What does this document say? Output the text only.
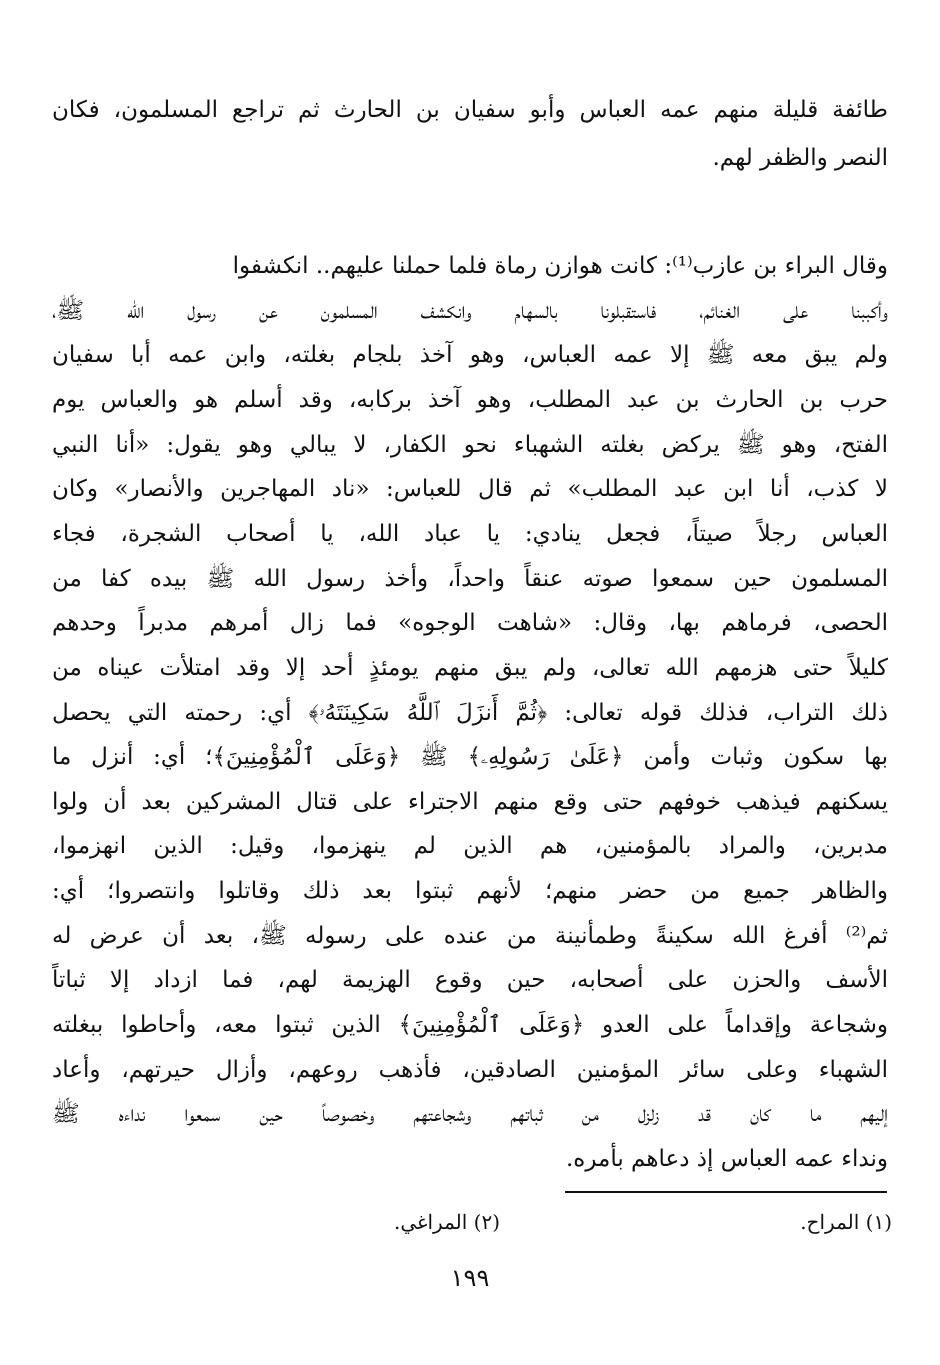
طائفة قليلة منهم عمه العباس وأبو سفيان بن الحارث ثم تراجع المسلمون، فكان
النصر والظفر لهم.
وقال البراء بن عازب⁽¹⁾: كانت هوازن رماة فلما حملنا عليهم.. انكشفوا
وأكببنا على الغنائم، فاستقبلونا بالسهام وانكشف المسلمون عن رسول الله ﷺ،
ولم يبق معه ﷺ إلا عمه العباس، وهو آخذ بلجام بغلته، وابن عمه أبا سفيان
حرب بن الحارث بن عبد المطلب، وهو آخذ بركابه، وقد أسلم هو والعباس يوم
الفتح، وهو ﷺ يركض بغلته الشهباء نحو الكفار، لا يبالي وهو يقول: «أنا النبي
لا كذب، أنا ابن عبد المطلب» ثم قال للعباس: «ناد المهاجرين والأنصار» وكان
العباس رجلاً صيتاً، فجعل ينادي: يا عباد الله، يا أصحاب الشجرة، فجاء
المسلمون حين سمعوا صوته عنقاً واحداً، وأخذ رسول الله ﷺ بيده كفا من
الحصى، فرماهم بها، وقال: «شاهت الوجوه» فما زال أمرهم مدبراً وحدهم
كليلاً حتى هزمهم الله تعالى، ولم يبق منهم يومئذٍ أحد إلا وقد امتلأت عيناه من
ذلك التراب، فذلك قوله تعالى: ﴿ثُمَّ أَنزَلَ ٱللَّهُ سَكِينَتَهُۥ﴾ أي: رحمته التي يحصل
بها سكون وثبات وأمن ﴿عَلَىٰ رَسُولِهِۦ﴾ ﷺ ﴿وَعَلَى ٱلْمُؤْمِنِينَ﴾؛ أي: أنزل ما
يسكنهم فيذهب خوفهم حتى وقع منهم الاجتراء على قتال المشركين بعد أن ولوا
مدبرين، والمراد بالمؤمنين، هم الذين لم ينهزموا، وقيل: الذين انهزموا،
والظاهر جميع من حضر منهم؛ لأنهم ثبتوا بعد ذلك وقاتلوا وانتصروا؛ أي:
ثم⁽²⁾ أفرغ الله سكينةً وطمأنينة من عنده على رسوله ﷺ، بعد أن عرض له
الأسف والحزن على أصحابه، حين وقوع الهزيمة لهم، فما ازداد إلا ثباتاً
وشجاعة وإقداماً على العدو ﴿وَعَلَى ٱلْمُؤْمِنِينَ﴾ الذين ثبتوا معه، وأحاطوا ببغلته
الشهباء وعلى سائر المؤمنين الصادقين، فأذهب روعهم، وأزال حيرتهم، وأعاد
إليهم ما كان قد زلزل من ثباتهم وشجاعتهم وخصوصاً حين سمعوا نداءه ﷺ
(١) المراح.
(٢) المراغي.
١٩٩
ونداء عمه العباس إذ دعاهم بأمره.
